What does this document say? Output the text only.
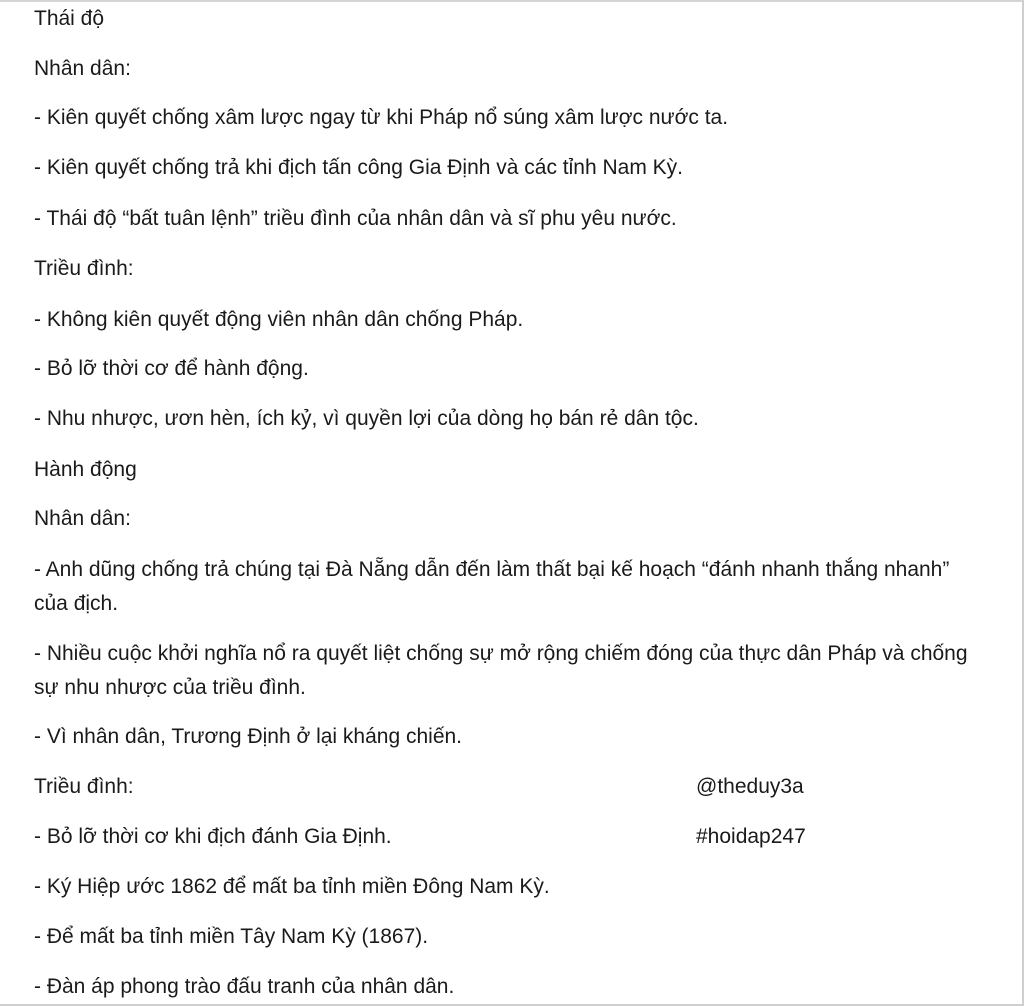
Thái độ

Nhân dân:

- Kiên quyết chống xâm lược ngay từ khi Pháp nổ súng xâm lược nước ta.

- Kiên quyết chống trả khi địch tấn công Gia Định và các tỉnh Nam Kỳ.

- Thái độ “bất tuân lệnh” triều đình của nhân dân và sĩ phu yêu nước.

Triều đình:

- Không kiên quyết động viên nhân dân chống Pháp.

- Bỏ lỡ thời cơ để hành động.

- Nhu nhược, ươn hèn, ích kỷ, vì quyền lợi của dòng họ bán rẻ dân tộc.

Hành động

Nhân dân:

- Anh dũng chống trả chúng tại Đà Nẵng dẫn đến làm thất bại kế hoạch “đánh nhanh thắng nhanh” của địch.

- Nhiều cuộc khởi nghĩa nổ ra quyết liệt chống sự mở rộng chiếm đóng của thực dân Pháp và chống sự nhu nhược của triều đình.

- Vì nhân dân, Trương Định ở lại kháng chiến.

Triều đình:

- Bỏ lỡ thời cơ khi địch đánh Gia Định.

- Ký Hiệp ước 1862 để mất ba tỉnh miền Đông Nam Kỳ.

- Để mất ba tỉnh miền Tây Nam Kỳ (1867).

- Đàn áp phong trào đấu tranh của nhân dân.

@theduy3a

#hoidap247
